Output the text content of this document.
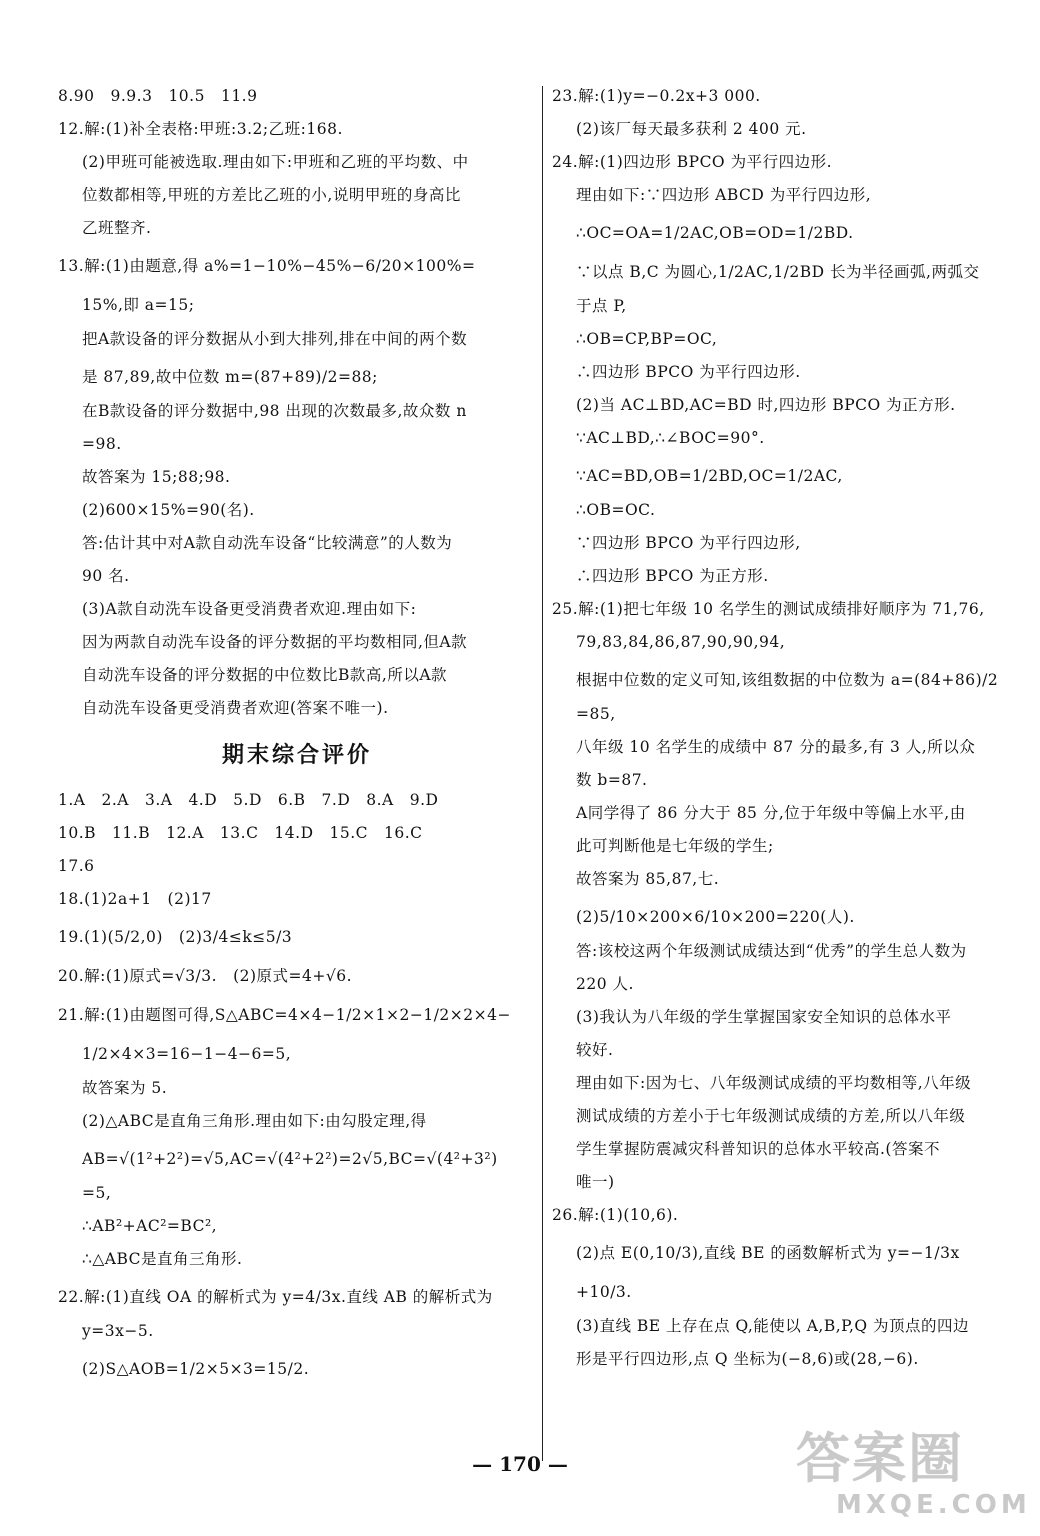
8.90　9.9.3　10.5　11.9

12.解:(1)补全表格:甲班:3.2;乙班:168.

(2)甲班可能被选取.理由如下:甲班和乙班的平均数、中

位数都相等,甲班的方差比乙班的小,说明甲班的身高比

乙班整齐.

13.解:(1)由题意,得 a%=1−10%−45%−6/20×100%=

15%,即 a=15;

把A款设备的评分数据从小到大排列,排在中间的两个数

是 87,89,故中位数 m=(87+89)/2=88;

在B款设备的评分数据中,98 出现的次数最多,故众数 n

=98.

故答案为 15;88;98.

(2)600×15%=90(名).

答:估计其中对A款自动洗车设备“比较满意”的人数为

90 名.

(3)A款自动洗车设备更受消费者欢迎.理由如下:

因为两款自动洗车设备的评分数据的平均数相同,但A款

自动洗车设备的评分数据的中位数比B款高,所以A款

自动洗车设备更受消费者欢迎(答案不唯一).

期末综合评价

1.A　2.A　3.A　4.D　5.D　6.B　7.D　8.A　9.D

10.B　11.B　12.A　13.C　14.D　15.C　16.C

17.6

18.(1)2a+1　(2)17

19.(1)(5/2,0)　(2)3/4≤k≤5/3

20.解:(1)原式=√3/3.　(2)原式=4+√6.

21.解:(1)由题图可得,S△ABC=4×4−1/2×1×2−1/2×2×4−

1/2×4×3=16−1−4−6=5,

故答案为 5.

(2)△ABC是直角三角形.理由如下:由勾股定理,得

AB=√(1²+2²)=√5,AC=√(4²+2²)=2√5,BC=√(4²+3²)

=5,

∴AB²+AC²=BC²,

∴△ABC是直角三角形.

22.解:(1)直线 OA 的解析式为 y=4/3x.直线 AB 的解析式为

y=3x−5.

(2)S△AOB=1/2×5×3=15/2.

23.解:(1)y=−0.2x+3 000.

(2)该厂每天最多获利 2 400 元.

24.解:(1)四边形 BPCO 为平行四边形.

理由如下:∵四边形 ABCD 为平行四边形,

∴OC=OA=1/2AC,OB=OD=1/2BD.

∵以点 B,C 为圆心,1/2AC,1/2BD 长为半径画弧,两弧交

于点 P,

∴OB=CP,BP=OC,

∴四边形 BPCO 为平行四边形.

(2)当 AC⊥BD,AC=BD 时,四边形 BPCO 为正方形.

∵AC⊥BD,∴∠BOC=90°.

∵AC=BD,OB=1/2BD,OC=1/2AC,

∴OB=OC.

∵四边形 BPCO 为平行四边形,

∴四边形 BPCO 为正方形.

25.解:(1)把七年级 10 名学生的测试成绩排好顺序为 71,76,

79,83,84,86,87,90,90,94,

根据中位数的定义可知,该组数据的中位数为 a=(84+86)/2

=85,

八年级 10 名学生的成绩中 87 分的最多,有 3 人,所以众

数 b=87.

A同学得了 86 分大于 85 分,位于年级中等偏上水平,由

此可判断他是七年级的学生;

故答案为 85,87,七.

(2)5/10×200×6/10×200=220(人).

答:该校这两个年级测试成绩达到“优秀”的学生总人数为

220 人.

(3)我认为八年级的学生掌握国家安全知识的总体水平

较好.

理由如下:因为七、八年级测试成绩的平均数相等,八年级

测试成绩的方差小于七年级测试成绩的方差,所以八年级

学生掌握防震减灾科普知识的总体水平较高.(答案不

唯一)

26.解:(1)(10,6).

(2)点 E(0,10/3),直线 BE 的函数解析式为 y=−1/3x

+10/3.

(3)直线 BE 上存在点 Q,能使以 A,B,P,Q 为顶点的四边

形是平行四边形,点 Q 坐标为(−8,6)或(28,−6).

— 170 —	答案圈
MXQE.COM
